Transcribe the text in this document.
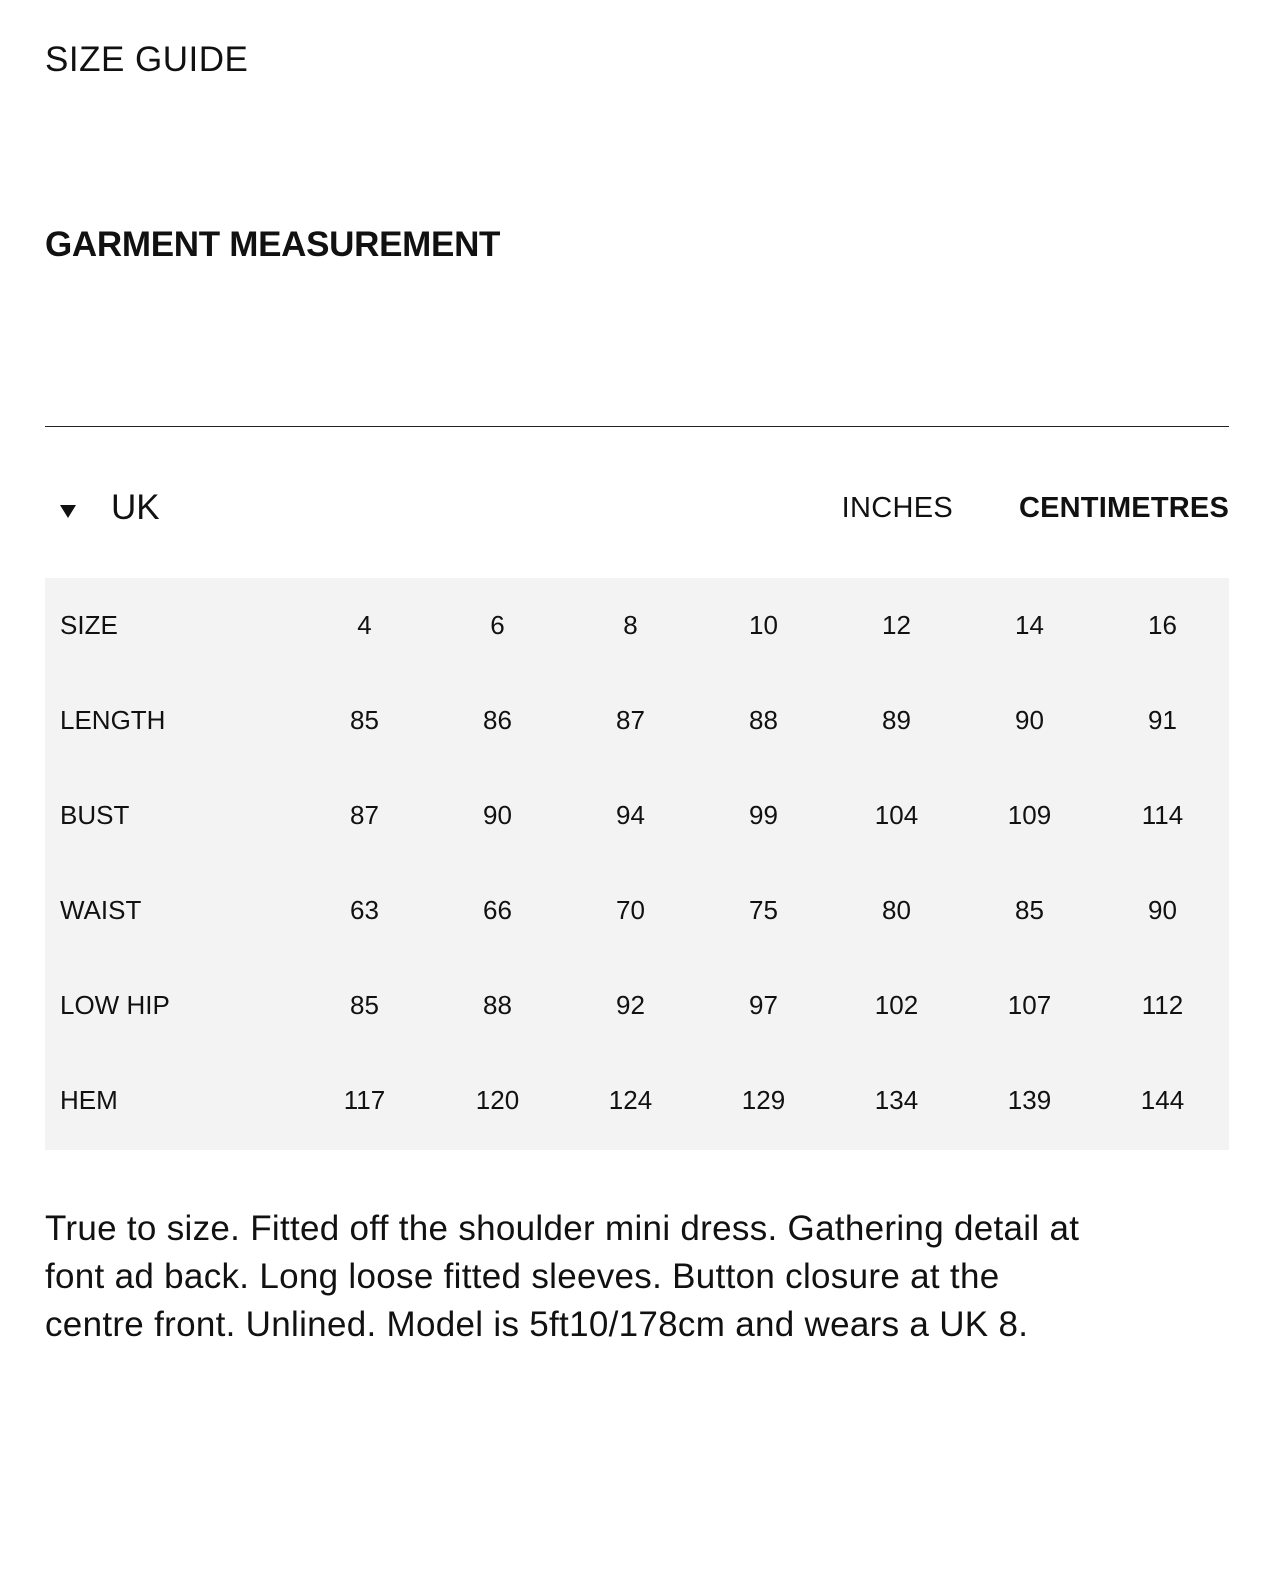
SIZE GUIDE
GARMENT MEASUREMENT
UK	INCHES CENTIMETRES
SIZE	4	6	8	10	12	14	16
LENGTH	85	86	87	88	89	90	91
BUST	87	90	94	99	104	109	114
WAIST	63	66	70	75	80	85	90
LOW HIP	85	88	92	97	102	107	112
HEM	117	120	124	129	134	139	144

True to size. Fitted off the shoulder mini dress. Gathering detail at font ad back. Long loose fitted sleeves. Button closure at the centre front. Unlined. Model is 5ft10/178cm and wears a UK 8.
